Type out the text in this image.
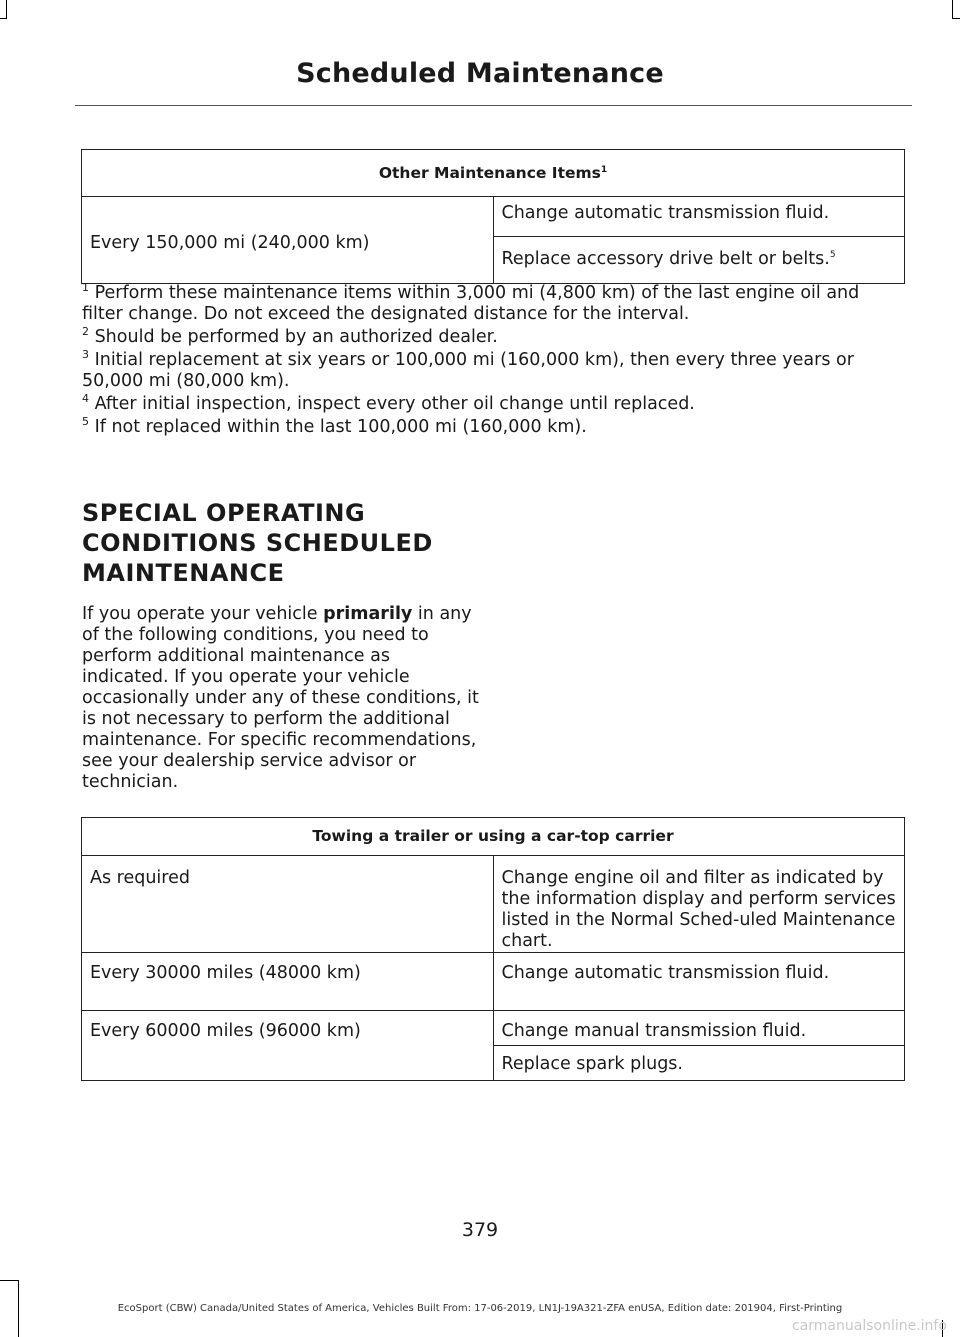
Scheduled Maintenance
Other Maintenance Items$^1$
Every 150,000 mi (240,000 km)	Change automatic transmission fluid.
Replace accessory drive belt or belts.$^5$

$^1$ Perform these maintenance items within 3,000 mi (4,800 km) of the last engine oil and filter change. Do not exceed the designated distance for the interval.

$^2$ Should be performed by an authorized dealer.

$^3$ Initial replacement at six years or 100,000 mi (160,000 km), then every three years or 50,000 mi (80,000 km).

$^4$ After initial inspection, inspect every other oil change until replaced.

$^5$ If not replaced within the last 100,000 mi (160,000 km).

SPECIAL OPERATING CONDITIONS SCHEDULED MAINTENANCE

If you operate your vehicle primarily in any of the following conditions, you need to perform additional maintenance as indicated. If you operate your vehicle occasionally under any of these conditions, it is not necessary to perform the additional maintenance. For specific recommendations, see your dealership service advisor or technician.

Towing a trailer or using a car-top carrier	
As required	Change engine oil and filter as indicated by the information display and perform services listed in the Normal Sched-uled Maintenance chart.
Every 30000 miles (48000 km)	Change automatic transmission fluid.
Every 60000 miles (96000 km)	Change manual transmission fluid.
	Replace spark plugs.
379
EcoSport (CBW) Canada/United States of America, Vehicles Built From: 17-06-2019, LN1J-19A321-ZFA enUSA, Edition date: 201904, First-Printing
carmanualsonline.info
